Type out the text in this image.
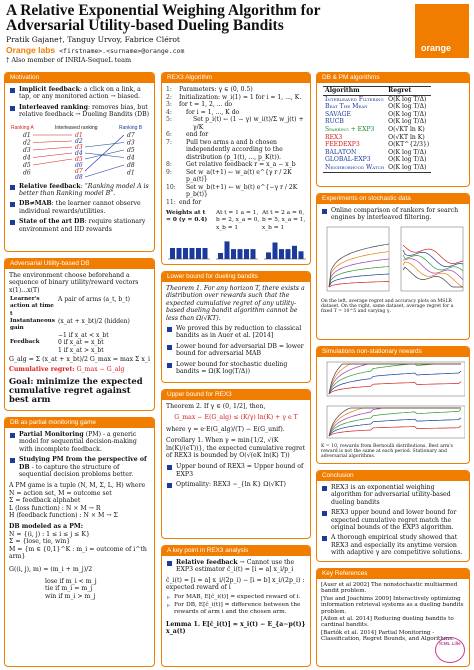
A Relative Exponential Weighing Algorithm for
Adversarial Utility-based Dueling Bandits
Pratik Gajane†, Tanguy Urvoy, Fabrice Clérot
Orange labs <firstname>.<surname>@orange.com
† Also member of INRIA-SequeL team
orange
Motivation
Implicit feedback: a click on a link, a tap, or any monitored action → biased.
Interleaved ranking: removes bias, but relative feedback → Dueling Bandits (DB)
Ranking A	Interleaved ranking	Ranking B
d1
d2
d3
d4
d5
d6
d1
d2
d3
d4
d5
d6
d7
d8
d7
d3
d5
d4
d8
d1
Relative feedback: “Ranking model A is better than Ranking model B”.
DB≠MAB: the learner cannot observe individual rewards/utilities.
State of the art DB: require stationary environment and IID rewards
Adversarial Utility-based DB

The environment choose beforehand a sequence of binary utility/reward vectors x(1)...x(T)

Learner's action at time t	A pair of arms (a_t, b_t)
Instantaneous gain	(x_at + x_bt)/2 (hidden)
Feedback	−1 if x_at < x_bt
0 if x_at = x_bt
1 if x_at > x_bt

G_alg = Σ (x_at + x_bt)/2 G_max = max Σ x_i

Cumulative regret: G_max − G_alg

Goal: minimize the expected cumulative regret against best arm

DB as partial monitoring game
Partial Monitoring (PM) - a generic model for sequential decision-making with incomplete feedback.
Studying PM from the perspective of DB - to capture the structure of sequential decision problems better.

A PM game is a tuple (N, M, Σ, L, H) where

N = action set, M = outcome set
Σ = feedback alphabet
L (loss function) : N × M → R
H (feedback function) : N × M → Σ

DB modeled as a PM:

N = {(i, j) : 1 ≤ i ≤ j ≤ K}
Σ = {lose, tie, win}
M = {m ∈ {0,1}^K : m_i = outcome of i^th arm}

G((i, j), m) = (m_i + m_j)/2

lose if m_i < m_j
tie if m_i = m_j
win if m_i > m_j
REX3 Algorithm
1:	Parameters: γ ∈ (0, 0.5)
2:	Initialization: w_i(1) = 1 for i = 1, ..., K.
3:	for t = 1, 2, ... do
4:	for i = 1, ..., K do
5:	Set p_i(t) ← (1 − γ) w_i(t)/Σ w_j(t) + γ/K
6:	end for
7:	Pull two arms a and b chosen independently according to the distribution (p_1(t), ..., p_K(t)).
8:	Get relative feedback r = x_a − x_b
9:	Set w_a(t+1) ← w_a(t) e^{γ r / 2K p_a(t)}
10:	Set w_b(t+1) ← w_b(t) e^{−γ r / 2K p_b(t)}
11:	end for
Weights at t = 0 (γ = 0.4)
At t = 1 a = 1, b = 2, x_a = 0, x_b = 1
At t = 2 a = 6, b = 5, x_a = 1, x_b = 1
Lower bound for dueling bandits

Theorem 1. For any horizon T, there exists a distribution over rewards such that the expected cumulative regret of any utility-based dueling bandit algorithm cannot be less than Ω(√KT).

We proved this by reduction to classical bandits as in Auer et al. [2014]
Lower bound for adversarial DB = lower bound for adversarial MAB
Lower bound for stochastic dueling bandits = Ω(K log(T/Δ))
Upper bound for REX3

Theorem 2. If γ ∈ (0, 1/2], then,

G_max − E(G_alg) ≤ (K/γ) ln(K) + γ e T

where γ = e·E(G_alg)/(T) − E(G_unif).

Corollary 1. When γ = min{1/2, √(K ln(K)/(eT))}, the expected cumulative regret of REX3 is bounded by O(√(eK ln(K) T))

Upper bound of REX3 = Upper bound of EXP3
Optimality: REX3 ∼_{ln K} Ω(√KT)
A key point in REX3 analysis
Relative feedback → Cannot use the EXP3 estimator ĉ_i(t) = [i = a] x_i/p_i

ĉ_i(t) = [i = a] x_i/(2p_i) − [i = b] x_i/(2p_i) : expected reward of i

▹ For MAB, E[ĉ_i(t)] = expected reward of i.
▹ For DB, E[ĉ_i(t)] = difference between the rewards of arm i and the chosen arm.

Lemma 1. E[ĉ_i(t)] = x_i(t) − E_{a∼p(t)} x_a(t)

DB & PM algorithms
Algorithm	Regret
Interleaved Filtering	O(K log T/Δ)
Beat The Mean	O(K log T/Δ)
SAVAGE	O(K log T/Δ)
RUCB	O(K log T/Δ)
Sparring + EXP3	O(√KT ln K)
REX3	O(√KT ln K)
FEEDEXP3	O(KT^{2/3})
BALATON	O(K log T/Δ)
GLOBAL-EXP3	O(K log T/Δ)
Neighborhood Watch	O(K log T/Δ)
Experiments on stochastic data
Online comparison of rankers for search engines by interleaved filtering.

On the left, average regret and accuracy plots on MSLR dataset. On the right, same dataset, average regret for a fixed T = 10^5 and varying γ.

Simulations non-stationary rewards

K = 10, rewards from Bernoulli distributions. Best arm's reward is not the same at each period. Stationary and adversarial algorithms.

Conclusion
REX3 is an exponential weighing algorithm for adversarial utility-based dueling bandits
REX3 upper bound and lower bound for expected cumulative regret match the original bounds of the EXP3 algorithm.
A thorough empirical study showed that REX3 and especially its anytime version with adaptive γ are competitive solutions.
Key References

[Auer et al 2002] The nonstochastic multiarmed bandit problem.

[Yue and Joachims 2009] Interactively optimizing information retrieval systems as a dueling bandits problem.

[Ailon et al. 2014] Reducing dueling bandits to cardinal bandits.

[Bartók et al. 2014] Partial Monitoring - Classification, Regret Bounds, and Algorithms.

ICML Lille
